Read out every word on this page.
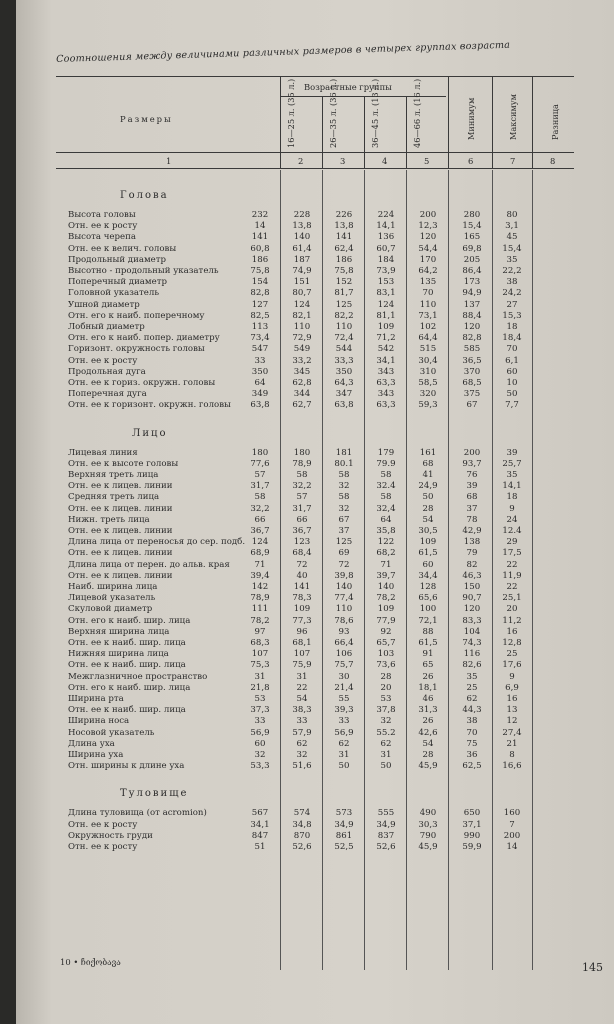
Соотношения между величинами различных размеров в четырех группах возраста
Размеры
Возрастные группы
16—25 л. (35 л.)	26—35 л. (36 л.)	36—45 л. (13 л.)	46—66 л. (16 л.)	Минимум	Максимум	Разница
1	2	3	4	5	6	7	8
Голова
Высота головы	232	228	226	224	200	280	80
Отн. ее к росту	14	13,8	13,8	14,1	12,3	15,4	3,1
Высота черепа	141	140	141	136	120	165	45
Отн. ее к велич. головы	60,8	61,4	62,4	60,7	54,4	69,8	15,4
Продольный диаметр	186	187	186	184	170	205	35
Высотно - продольный указатель	75,8	74,9	75,8	73,9	64,2	86,4	22,2
Поперечный диаметр	154	151	152	153	135	173	38
Головной указатель	82,8	80,7	81,7	83,1	70	94,9	24,2
Ушной диаметр	127	124	125	124	110	137	27
Отн. его к наиб. поперечному	82,5	82,1	82,2	81,1	73,1	88,4	15,3
Лобный диаметр	113	110	110	109	102	120	18
Отн. его к наиб. попер. диаметру	73,4	72,9	72,4	71,2	64,4	82,8	18,4
Горизонт. окружность головы	547	549	544	542	515	585	70
Отн. ее к росту	33	33,2	33,3	34,1	30,4	36,5	6,1
Продольная дуга	350	345	350	343	310	370	60
Отн. ее к гориз. окружн. головы	64	62,8	64,3	63,3	58,5	68,5	10
Поперечная дуга	349	344	347	343	320	375	50
Отн. ее к горизонт. окружн. головы	63,8	62,7	63,8	63,3	59,3	67	7,7
Лицо
Лицевая линия	180	180	181	179	161	200	39
Отн. ее к высоте головы	77,6	78,9	80.1	79.9	68	93,7	25,7
Верхняя треть лица	57	58	58	58	41	76	35
Отн. ее к лицев. линии	31,7	32,2	32	32.4	24,9	39	14,1
Средняя треть лица	58	57	58	58	50	68	18
Отн. ее к лицев. линии	32,2	31,7	32	32,4	28	37	9
Нижн. треть лица	66	66	67	64	54	78	24
Отн. ее к лицев. линии	36,7	36,7	37	35,8	30,5	42,9	12.4
Длина лица от переносья до сер. подб. 124	123	125	122	109	138	29
Отн. ее к лицев. линии	68,9	68,4	69	68,2	61,5	79	17,5
Длина лица от перен. до альв. края	71	72	72	71	60	82	22
Отн. ее к лицев. линии	39,4	40	39,8	39,7	34,4	46,3	11,9
Наиб. ширина лица	142	141	140	140	128	150	22
Лицевой указатель	78,9	78,3	77,4	78,2	65,6	90,7	25,1
Скуловой диаметр	111	109	110	109	100	120	20
Отн. его к наиб. шир. лица	78,2	77,3	78,6	77,9	72,1	83,3	11,2
Верхняя ширина лица	97	96	93	92	88	104	16
Отн. ее к наиб. шир. лица	68,3	68,1	66,4	65,7	61,5	74,3	12,8
Нижняя ширина лица	107	107	106	103	91	116	25
Отн. ее к наиб. шир. лица	75,3	75,9	75,7	73,6	65	82,6	17,6
Межглазничное пространство	31	31	30	28	26	35	9
Отн. его к наиб. шир. лица	21,8	22	21,4	20	18,1	25	6,9
Ширина рта	53	54	55	53	46	62	16
Отн. ее к наиб. шир. лица	37,3	38,3	39,3	37,8	31,3	44,3	13
Ширина носа	33	33	33	32	26	38	12
Носовой указатель	56,9	57,9	56,9	55.2	42,6	70	27,4
Длина уха	60	62	62	62	54	75	21
Ширина уха	32	32	31	31	28	36	8
Отн. ширины к длине уха	53,3	51,6	50	50	45,9	62,5	16,6
Туловище
Длина туловища (от acromion)	567	574	573	555	490	650	160
Отн. ее к росту	34,1	34,8	34,9	34,9	30,3	37,1	7
Окружность груди	847	870	861	837	790	990	200
Отн. ее к росту	51	52,6	52,5	52,6	45,9	59,9	14
10 • ჩიქობავა	145
